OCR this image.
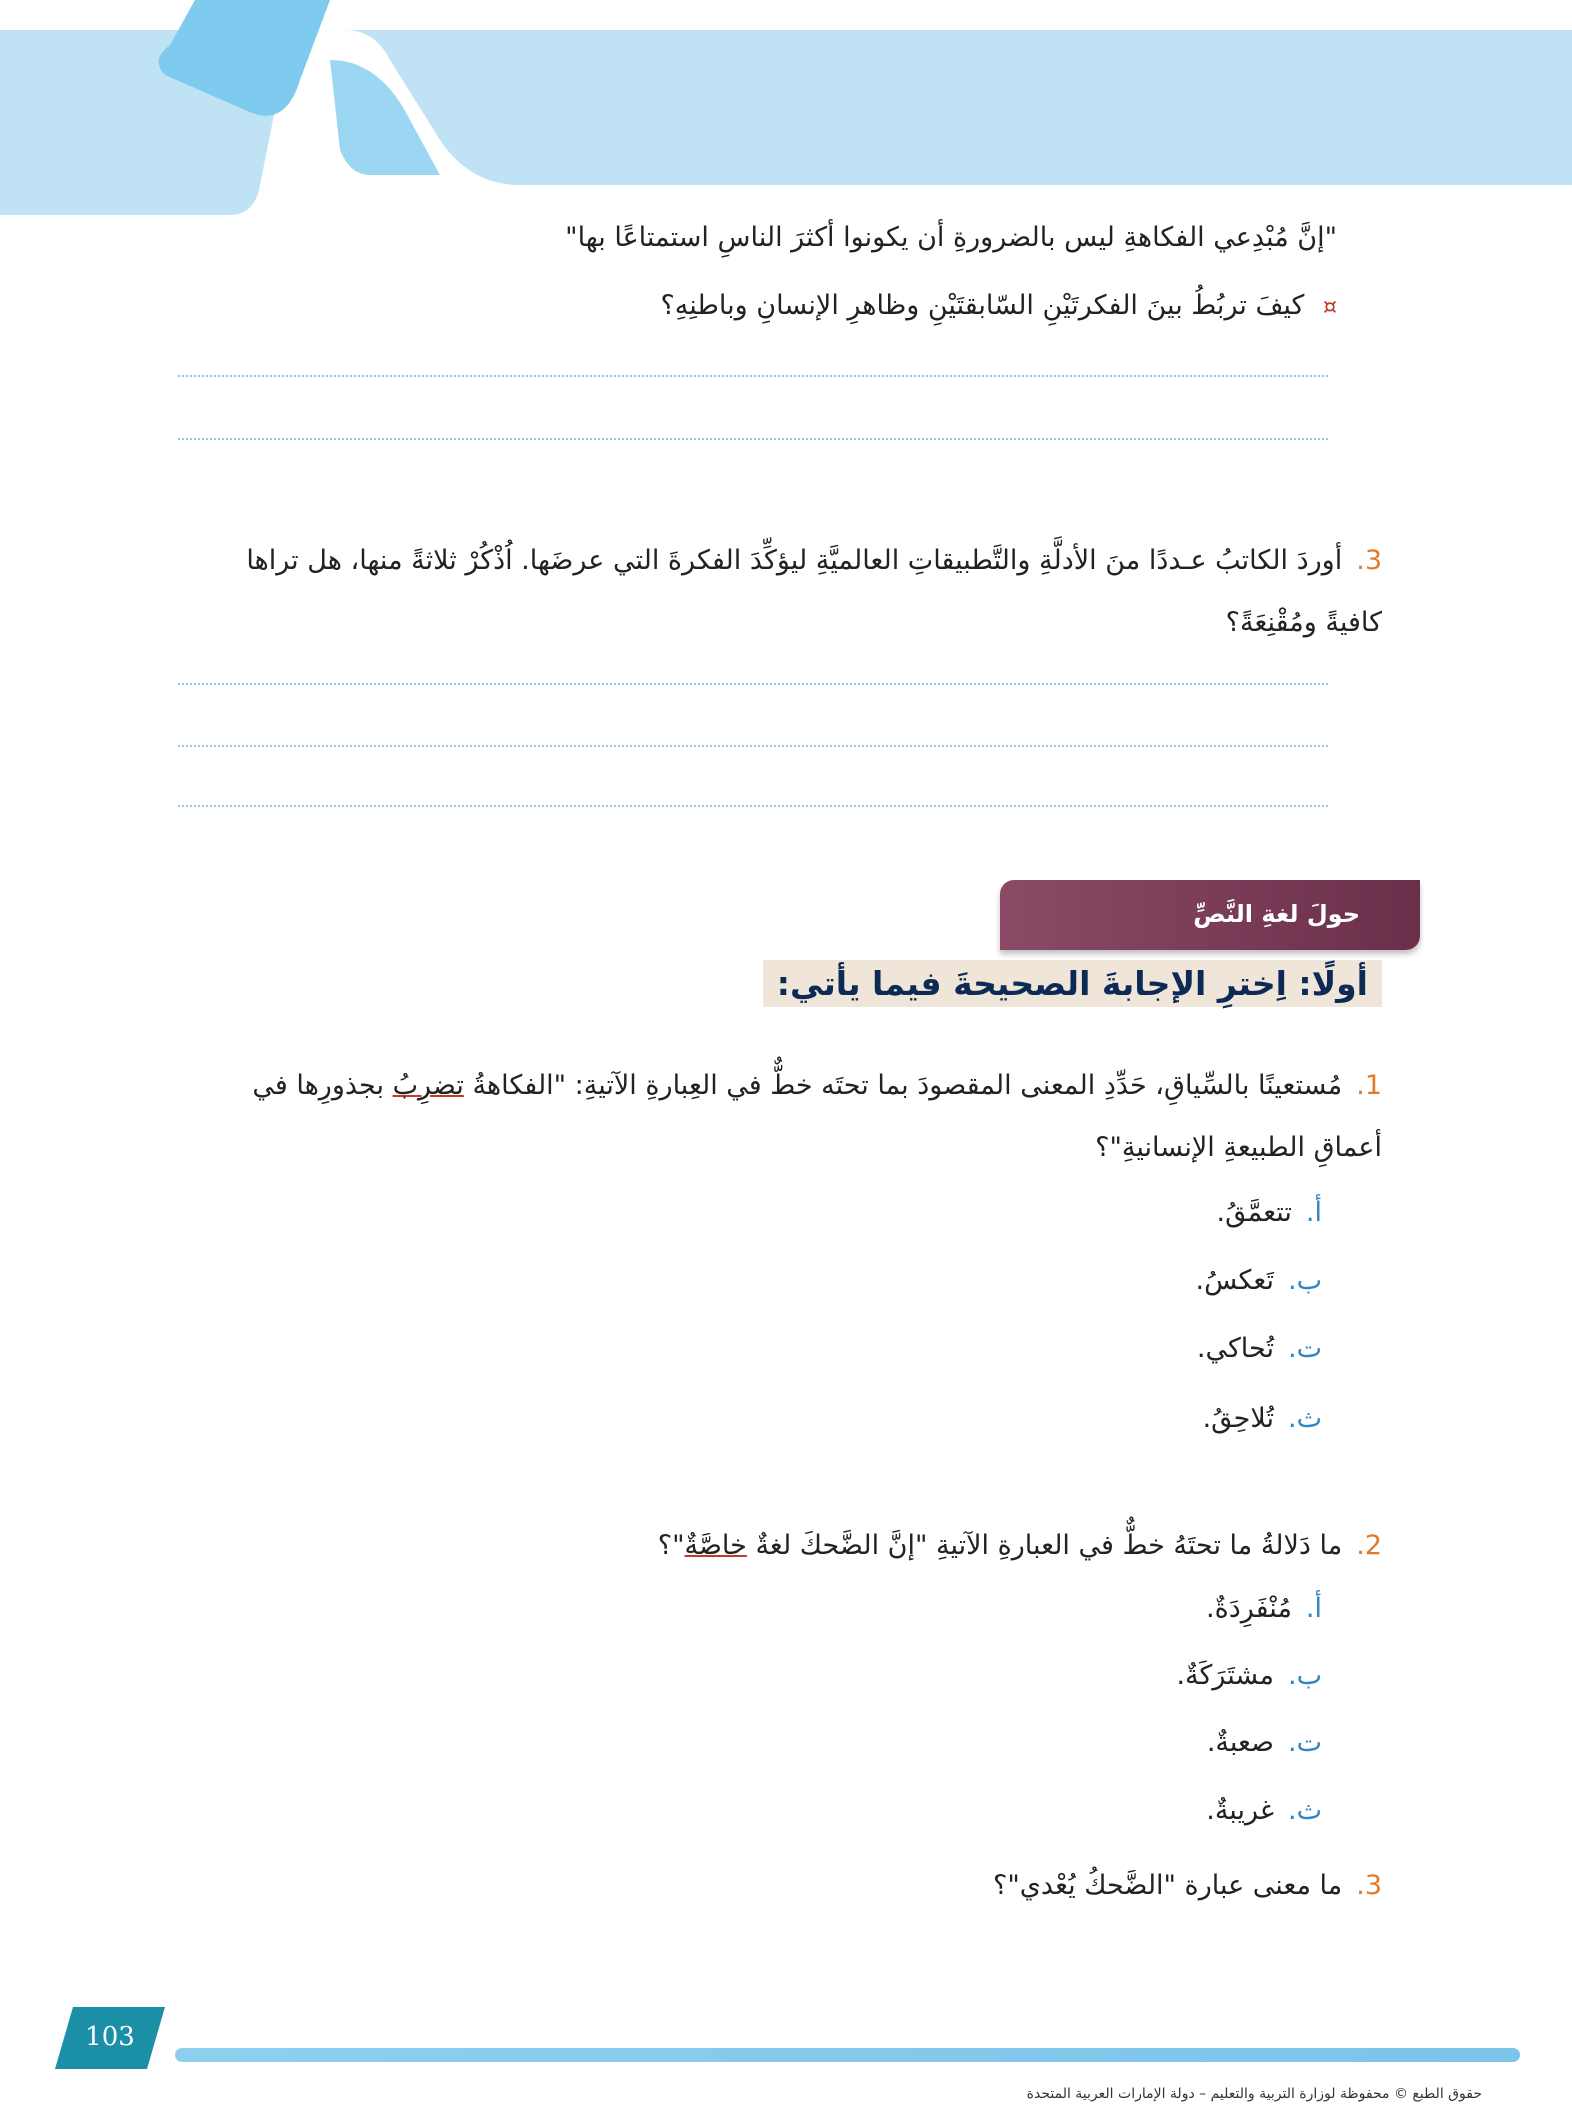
"إنَّ مُبْدِعي الفكاهةِ ليس بالضرورةِ أن يكونوا أكثرَ الناسِ استمتاعًا بها"
¤ كيفَ تربُطُ بينَ الفكرتَيْنِ السّابقتَيْنِ وظاهرِ الإنسانِ وباطنِهِ؟
3.أوردَ الكاتبُ عـددًا منَ الأدلَّةِ والتَّطبيقاتِ العالميَّةِ ليؤكِّدَ الفكرةَ التي عرضَها. اُذْكُرْ ثلاثةً منها، هل تراها
كافيةً ومُقْنِعَةً؟
حولَ لغةِ النَّصِّ
أولًا: اِخترِ الإجابةَ الصحيحةَ فيما يأتي:
1.مُستعينًا بالسِّياقِ، حَدِّدِ المعنى المقصودَ بما تحتَه خطٌّ في العِبارةِ الآتيةِ: "الفكاهةُ تضرِبُ بجذورِها في
أعماقِ الطبيعةِ الإنسانيةِ"؟
أ.تتعمَّقُ.
ب.تَعكسُ.
ت.تُحاكي.
ث.تُلاحِقُ.
2.ما دَلالةُ ما تحتَهُ خطٌّ في العبارةِ الآتيةِ "إنَّ الضَّحكَ لغةٌ خاصَّةٌ"؟
أ.مُنْفَرِدَةٌ.
ب.مشتَرَكَةٌ.
ت.صعبةٌ.
ث.غريبةٌ.
3.ما معنى عبارة "الضَّحكُ يُعْدي"؟
103
حقوق الطبع © محفوظة لوزارة التربية والتعليم – دولة الإمارات العربية المتحدة
